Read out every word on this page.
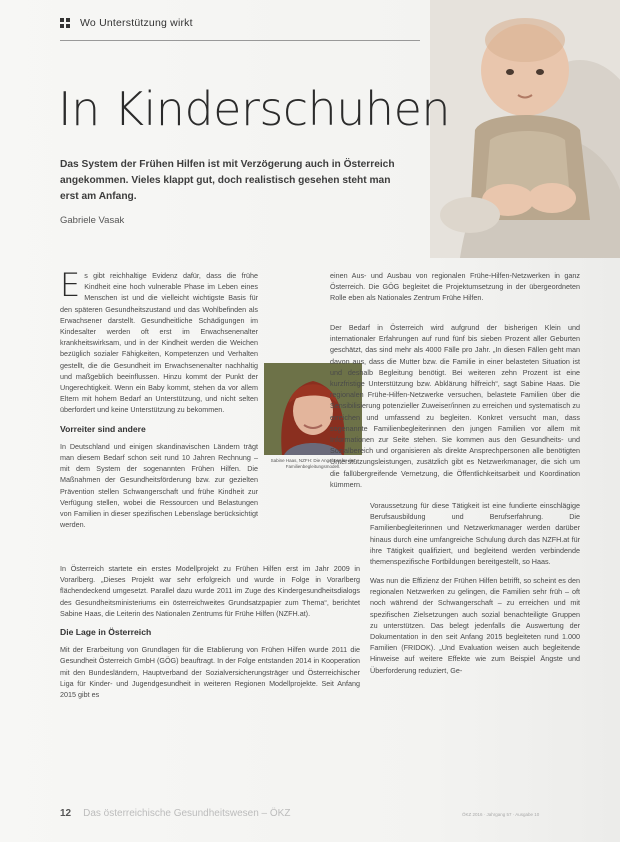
Wo Unterstützung wirkt
In Kinderschuhen

Das System der Frühen Hilfen ist mit Verzögerung auch in Österreich angekommen. Vieles klappt gut, doch realistisch gesehen steht man erst am Anfang.

Gabriele Vasak

Es gibt reichhaltige Evidenz dafür, dass die frühe Kindheit eine hoch vulnerable Phase im Leben eines Menschen ist und die vielleicht wichtigste Basis für den späteren Gesundheitszustand und das Wohlbefinden als Erwachsener darstellt. Gesundheitliche Schädigungen im Kindesalter werden oft erst im Erwachsenenalter krankheitswirksam, und in der Kindheit werden die Weichen bezüglich sozialer Fähigkeiten, Kompetenzen und Verhalten gestellt, die die Gesundheit im Erwachsenenalter nachhaltig und maßgeblich beeinflussen. Hinzu kommt der Punkt der Ungerechtigkeit. Wenn ein Baby kommt, stehen da vor allem Eltern mit hohem Bedarf an Unterstützung, und nicht selten überfordert und keine Unterstützung zu bekommen.

Vorreiter sind andere

In Deutschland und einigen skandinavischen Ländern trägt man diesem Bedarf schon seit rund 10 Jahren Rechnung – mit dem System der sogenannten Frühen Hilfen. Die Maßnahmen der Gesundheitsförderung bzw. zur gezielten Prävention stellen Schwangerschaft und frühe Kindheit zur Verfügung stellen, wobei die Ressourcen und Belastungen von Familien in dieser spezifischen Lebenslage berücksichtigt werden.

In Österreich startete ein erstes Modellprojekt zu Frühen Hilfen erst im Jahr 2009 in Vorarlberg. „Dieses Projekt war sehr erfolgreich und wurde in Folge in Vorarlberg flächendeckend umgesetzt. Parallel dazu wurde 2011 im Zuge des Kindergesundheitsdialogs des Gesundheitsministeriums ein österreichweites Grundsatzpapier zum Thema“, berichtet Sabine Haas, die Leiterin des Nationalen Zentrums für Frühe Hilfen (NZFH.at).

Die Lage in Österreich

Mit der Erarbeitung von Grundlagen für die Etablierung von Frühen Hilfen wurde 2011 die Gesundheit Österreich GmbH (GÖG) beauftragt. In der Folge entstanden 2014 in Kooperation mit den Bundesländern, Hauptverband der Sozialversicherungsträger und Österreichischer Liga für Kinder- und Jugendgesundheit in weiteren Regionen Modellprojekte. Seit Anfang 2015 gibt es

Sabine Haas, NZFH: Die Angebote für das Familienbegleitungsmodell.

einen Aus- und Ausbau von regionalen Frühe-Hilfen-Netzwerken in ganz Österreich. Die GÖG begleitet die Projektumsetzung in der übergeordneten Rolle eben als Nationales Zentrum Frühe Hilfen.

Der Bedarf in Österreich wird aufgrund der bisherigen Klein und internationaler Erfahrungen auf rund fünf bis sieben Prozent aller Geburten geschätzt, das sind mehr als 4000 Fälle pro Jahr. „In diesen Fällen geht man davon aus, dass die Mutter bzw. die Familie in einer belasteten Situation ist und deshalb Begleitung benötigt. Bei weiteren zehn Prozent ist eine kurzfristige Unterstützung bzw. Abklärung hilfreich“, sagt Sabine Haas. Die regionalen Frühe-Hilfen-Netzwerke versuchen, belastete Familien über die Sensibilisierung potenzieller Zuweiser/innen zu erreichen und systematisch zu erreichen und umfassend zu begleiten. Konkret versucht man, dass sogenannte Familienbegleiterinnen den jungen Familien vor allem mit Informationen zur Seite stehen. Sie kommen aus den Gesundheits- und Sozialbereich und organisieren als direkte Ansprechpersonen alle benötigten Unterstützungsleistungen, zusätzlich gibt es Netzwerkmanager, die sich um die fallübergreifende Vernetzung, die Öffentlichkeitsarbeit und Koordination kümmern.

Voraussetzung für diese Tätigkeit ist eine fundierte einschlägige Berufsausbildung und Berufserfahrung. Die Familienbegleiterinnen und Netzwerkmanager werden darüber hinaus durch eine umfangreiche Schulung durch das NZFH.at für ihre Tätigkeit qualifiziert, und begleitend werden verbindende themenspezifische Fortbildungen bereitgestellt, so Haas.

Was nun die Effizienz der Frühen Hilfen betrifft, so scheint es den regionalen Netzwerken zu gelingen, die Familien sehr früh – oft noch während der Schwangerschaft – zu erreichen und mit spezifischen Zielsetzungen auch sozial benachteiligte Gruppen zu unterstützen. Das belegt jedenfalls die Auswertung der Dokumentation in den seit Anfang 2015 begleiteten rund 1.000 Familien (FRIDOK). „Und Evaluation weisen auch begleitende Hinweise auf weitere Effekte wie zum Beispiel Ängste und Überforderung reduziert, Ge-

12 Das österreichische Gesundheitswesen – ÖKZ	ÖKZ 2016 · Jahrgang 57 · Ausgabe 10
